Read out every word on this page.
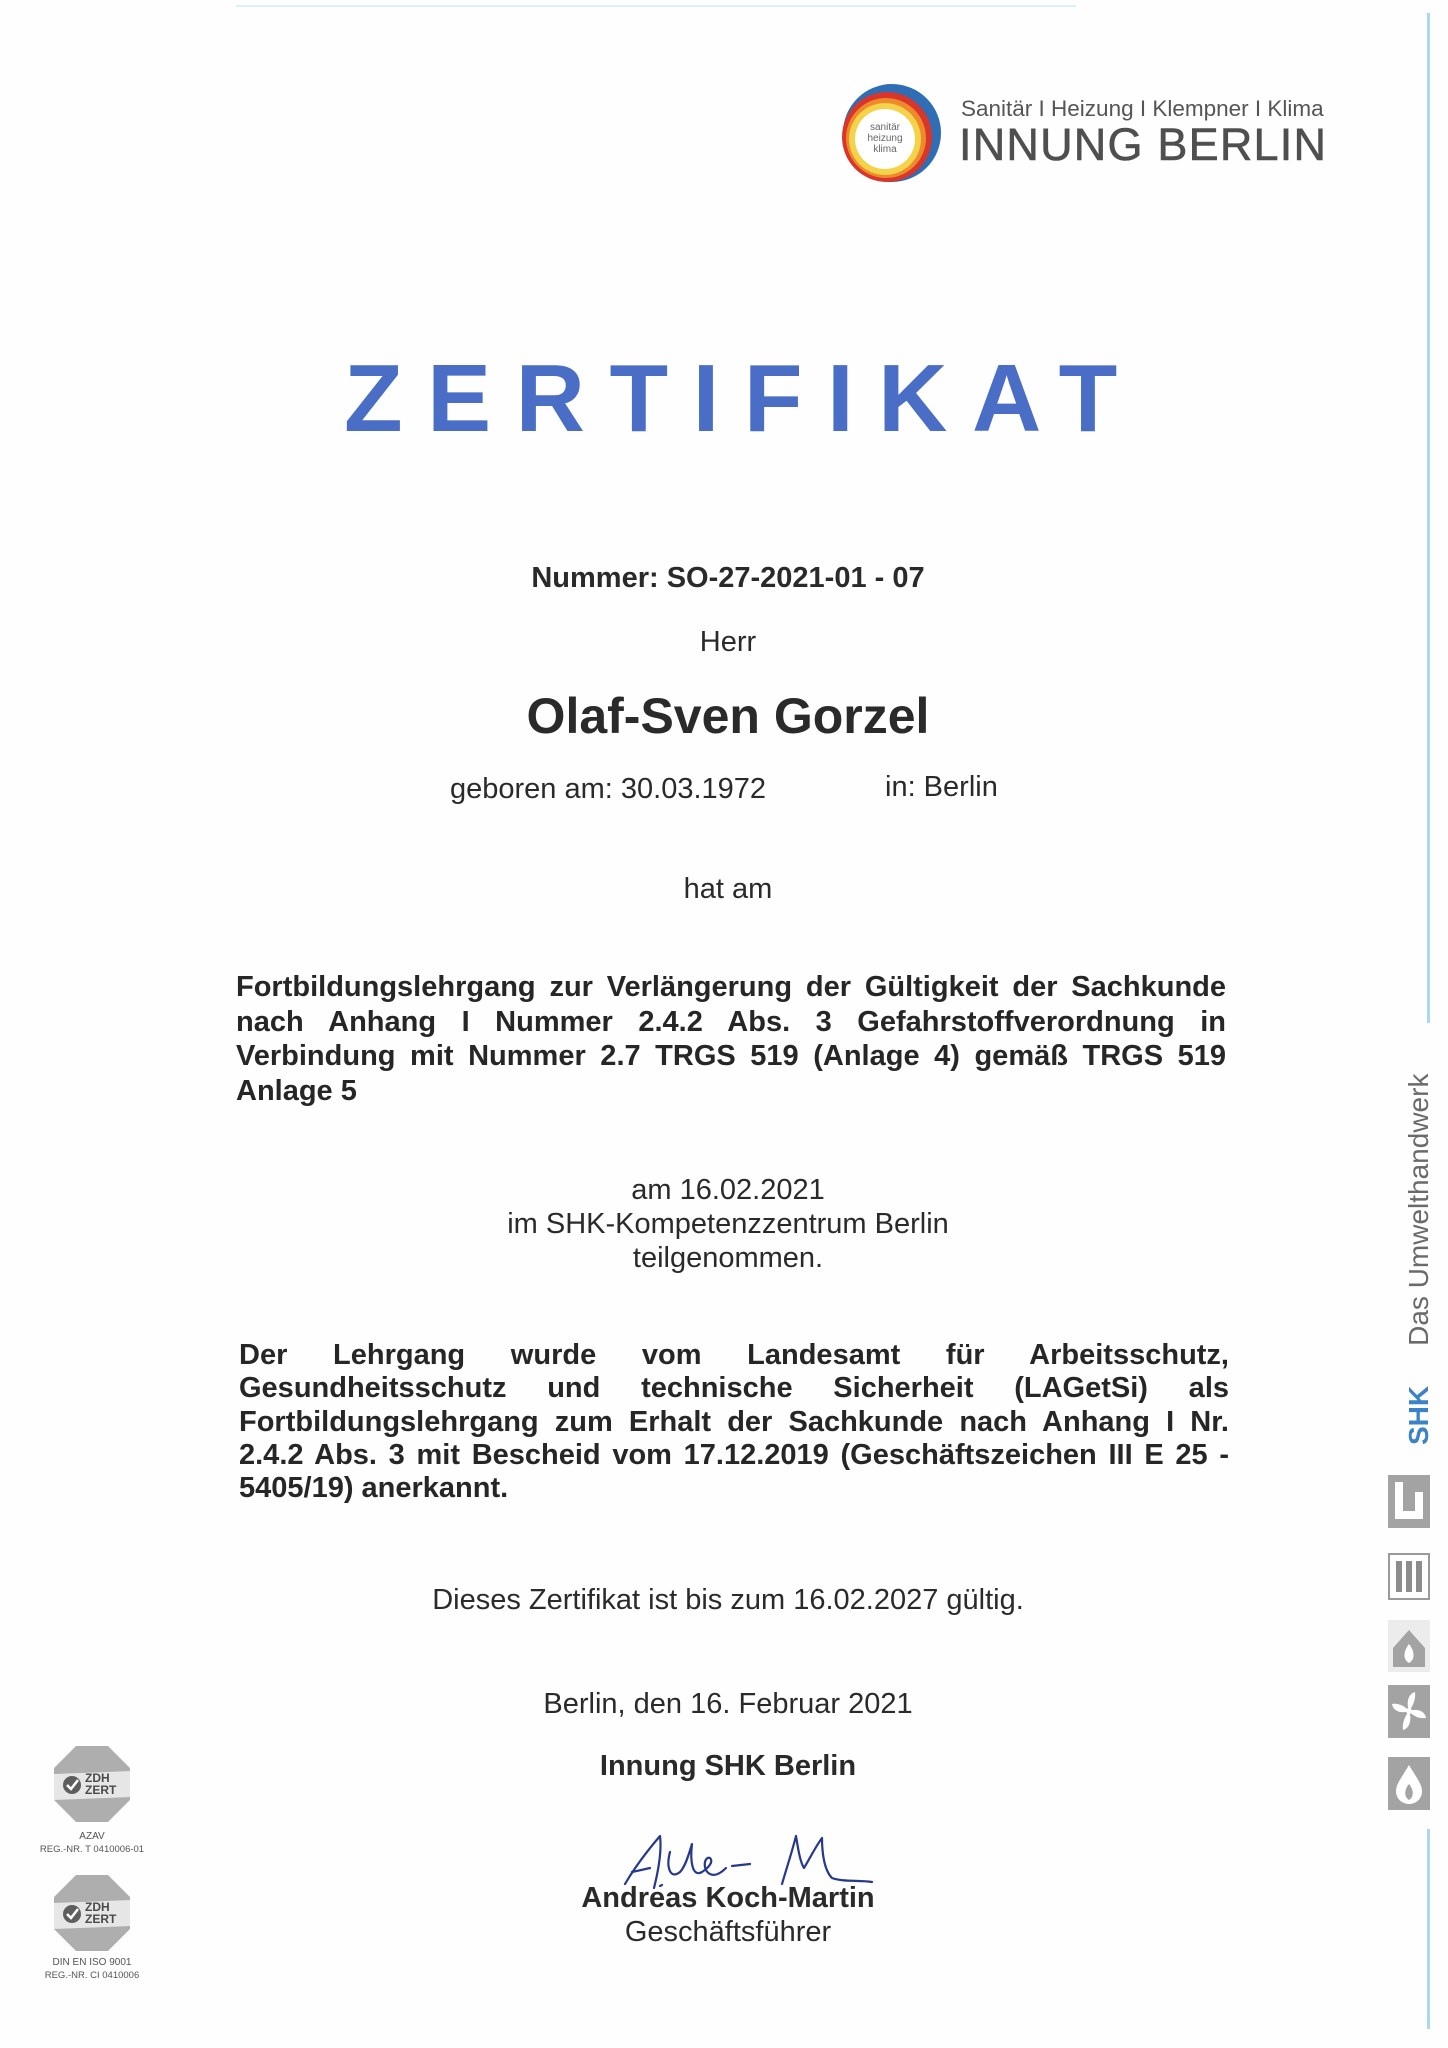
sanitär
heizung
klima
Sanitär I Heizung I Klempner I Klima
INNUNG BERLIN
ZERTIFIKAT
Nummer: SO-27-2021-01 - 07
Herr
Olaf-Sven Gorzel
geboren am: 30.03.1972	in: Berlin
hat am
Fortbildungslehrgang zur Verlängerung der Gültigkeit der Sachkunde
nach Anhang I Nummer 2.4.2 Abs. 3 Gefahrstoffverordnung in
Verbindung mit Nummer 2.7 TRGS 519 (Anlage 4) gemäß TRGS 519
Anlage 5
am 16.02.2021
im SHK-Kompetenzzentrum Berlin
teilgenommen.
Der Lehrgang wurde vom Landesamt für Arbeitsschutz,
Gesundheitsschutz und technische Sicherheit (LAGetSi) als
Fortbildungslehrgang zum Erhalt der Sachkunde nach Anhang I Nr.
2.4.2 Abs. 3 mit Bescheid vom 17.12.2019 (Geschäftszeichen III E 25 -
5405/19) anerkannt.
Dieses Zertifikat ist bis zum 16.02.2027 gültig.
Berlin, den 16. Februar 2021
Innung SHK Berlin
Andreas Koch-Martin
Geschäftsführer
ZDH
ZERT
AZAV
REG.-NR. T 0410006-01
ZDH
ZERT
DIN EN ISO 9001
REG.-NR. CI 0410006
SHKDas Umwelthandwerk
